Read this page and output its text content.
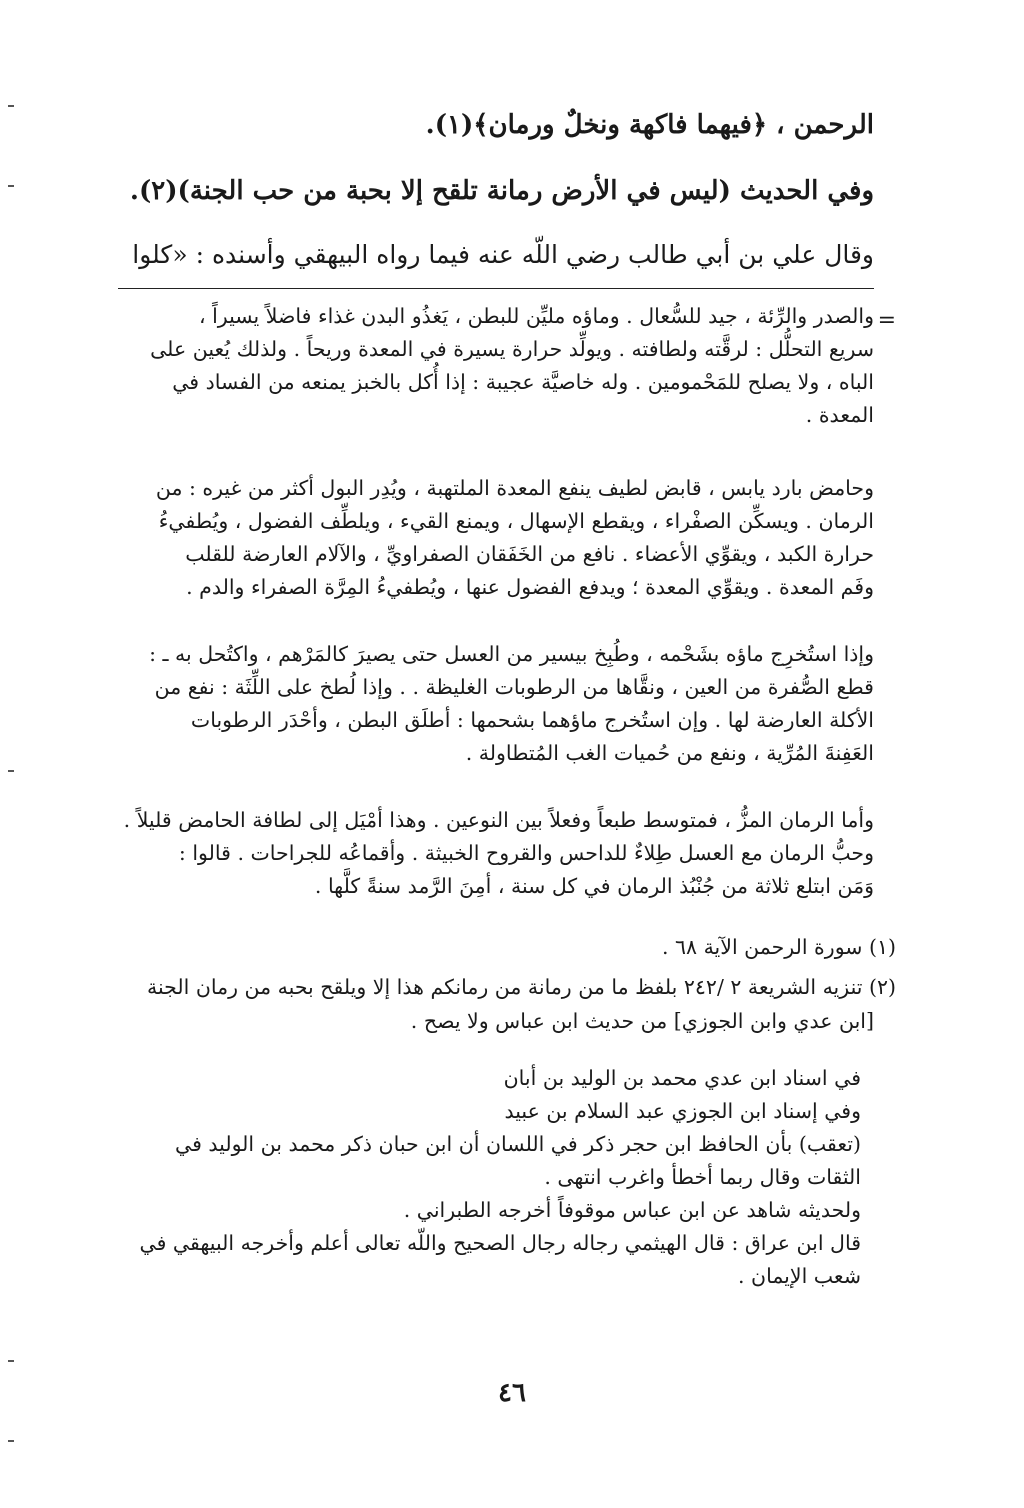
الرحمن ، ﴿فيهما فاكهة ونخلٌ ورمان﴾(١).
وفي الحديث (ليس في الأرض رمانة تلقح إلا بحبة من حب الجنة)(٢).
وقال علي بن أبي طالب رضي اللّه عنه فيما رواه البيهقي وأسنده : «كلوا
=
والصدر والرِّئة ، جيد للسُّعال . وماؤه مليِّن للبطن ، يَغذُو البدن غذاء فاضلاً يسيراً ،
سريع التحلُّل : لرقَّته ولطافته . ويولِّد حرارة يسيرة في المعدة وريحاً . ولذلك يُعين على
الباه ، ولا يصلح للمَحْمومين . وله خاصيَّة عجيبة : إذا أُكل بالخبز يمنعه من الفساد في
المعدة .
وحامض بارد يابس ، قابض لطيف ينفع المعدة الملتهبة ، ويُدِر البول أكثر من غيره : من
الرمان . ويسكِّن الصفْراء ، ويقطع الإسهال ، ويمنع القيء ، ويلطِّف الفضول ، ويُطفيءُ
حرارة الكبد ، ويقوِّي الأعضاء . نافع من الخَفَقان الصفراويِّ ، والآلام العارضة للقلب
وفَم المعدة . ويقوِّي المعدة ؛ ويدفع الفضول عنها ، ويُطفيءُ المِرَّة الصفراء والدم .
وإذا استُخرِج ماؤه بشَحْمه ، وطُبِخ بيسير من العسل حتى يصيرَ كالمَرْهم ، واكتُحل به ـ :
قطع الصُّفرة من العين ، ونقَّاها من الرطوبات الغليظة . . وإذا لُطخ على اللِّثَة : نفع من
الأكلة العارضة لها . وإن استُخرج ماؤهما بشحمها : أطلَق البطن ، وأحْدَر الرطوبات
العَفِنةَ المُرِّية ، ونفع من حُميات الغب المُتطاولة .
وأما الرمان المزُّ ، فمتوسط طبعاً وفعلاً بين النوعين . وهذا أمْيَل إلى لطافة الحامض قليلاً .
وحبُّ الرمان مع العسل طِلاءٌ للداحس والقروح الخبيثة . وأقماعُه للجراحات . قالوا :
وَمَن ابتلع ثلاثة من جُنْبُذ الرمان في كل سنة ، أمِنَ الرَّمد سنةً كلَّها .
(١) سورة الرحمن الآية ٦٨ .
(٢) تنزيه الشريعة ٢ /٢٤٢ بلفظ ما من رمانة من رمانكم هذا إلا ويلقح بحبه من رمان الجنة
[ابن عدي وابن الجوزي] من حديث ابن عباس ولا يصح .
في اسناد ابن عدي محمد بن الوليد بن أبان
وفي إسناد ابن الجوزي عبد السلام بن عبيد
(تعقب) بأن الحافظ ابن حجر ذكر في اللسان أن ابن حبان ذكر محمد بن الوليد في
الثقات وقال ربما أخطأ واغرب انتهى .
ولحديثه شاهد عن ابن عباس موقوفاً أخرجه الطبراني .
قال ابن عراق : قال الهيثمي رجاله رجال الصحيح واللّه تعالى أعلم وأخرجه البيهقي في
شعب الإيمان .
٤٦
